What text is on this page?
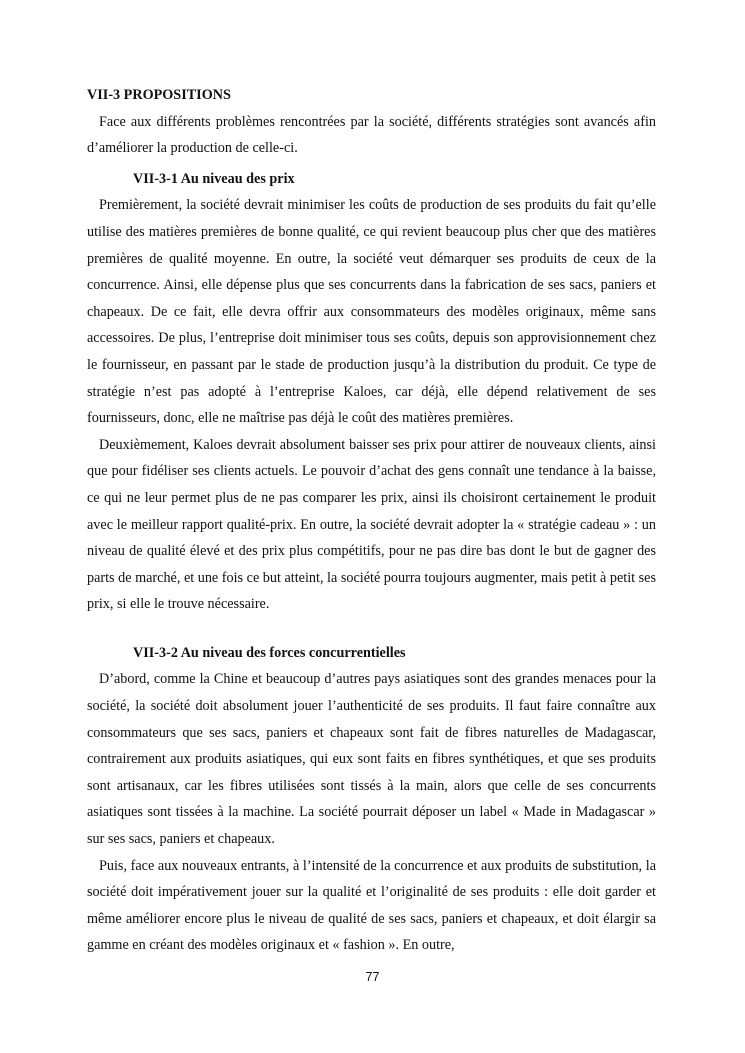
VII-3 PROPOSITIONS

Face aux différents problèmes rencontrées par la société, différents stratégies sont avancés afin d’améliorer la production de celle-ci.

VII-3-1 Au niveau des prix

Premièrement, la société devrait minimiser les coûts de production de ses produits du fait qu’elle utilise des matières premières de bonne qualité, ce qui revient beaucoup plus cher que des matières premières de qualité moyenne. En outre, la société veut démarquer ses produits de ceux de la concurrence. Ainsi, elle dépense plus que ses concurrents dans la fabrication de ses sacs, paniers et chapeaux. De ce fait, elle devra offrir aux consommateurs des modèles originaux, même sans accessoires. De plus, l’entreprise doit minimiser tous ses coûts, depuis son approvisionnement chez le fournisseur, en passant par le stade de production jusqu’à la distribution du produit. Ce type de stratégie n’est pas adopté à l’entreprise Kaloes, car déjà, elle dépend relativement de ses fournisseurs, donc, elle ne maîtrise pas déjà le coût des matières premières.

Deuxièmement, Kaloes devrait absolument baisser ses prix pour attirer de nouveaux clients, ainsi que pour fidéliser ses clients actuels. Le pouvoir d’achat des gens connaît une tendance à la baisse, ce qui ne leur permet plus de ne pas comparer les prix, ainsi ils choisiront certainement le produit avec le meilleur rapport qualité-prix. En outre, la société devrait adopter la « stratégie cadeau » : un niveau de qualité élevé et des prix plus compétitifs, pour ne pas dire bas dont le but de gagner des parts de marché, et une fois ce but atteint, la société pourra toujours augmenter, mais petit à petit ses prix, si elle le trouve nécessaire.

VII-3-2 Au niveau des forces concurrentielles

D’abord, comme la Chine et beaucoup d’autres pays asiatiques sont des grandes menaces pour la société, la société doit absolument jouer l’authenticité de ses produits. Il faut faire connaître aux consommateurs que ses sacs, paniers et chapeaux sont fait de fibres naturelles de Madagascar, contrairement aux produits asiatiques, qui eux sont faits en fibres synthétiques, et que ses produits sont artisanaux, car les fibres utilisées sont tissés à la main, alors que celle de ses concurrents asiatiques sont tissées à la machine. La société pourrait déposer un label « Made in Madagascar » sur ses sacs, paniers et chapeaux.

Puis, face aux nouveaux entrants, à l’intensité de la concurrence et aux produits de substitution, la société doit impérativement jouer sur la qualité et l’originalité de ses produits : elle doit garder et même améliorer encore plus le niveau de qualité de ses sacs, paniers et chapeaux, et doit élargir sa gamme en créant des modèles originaux et « fashion ». En outre,

77
